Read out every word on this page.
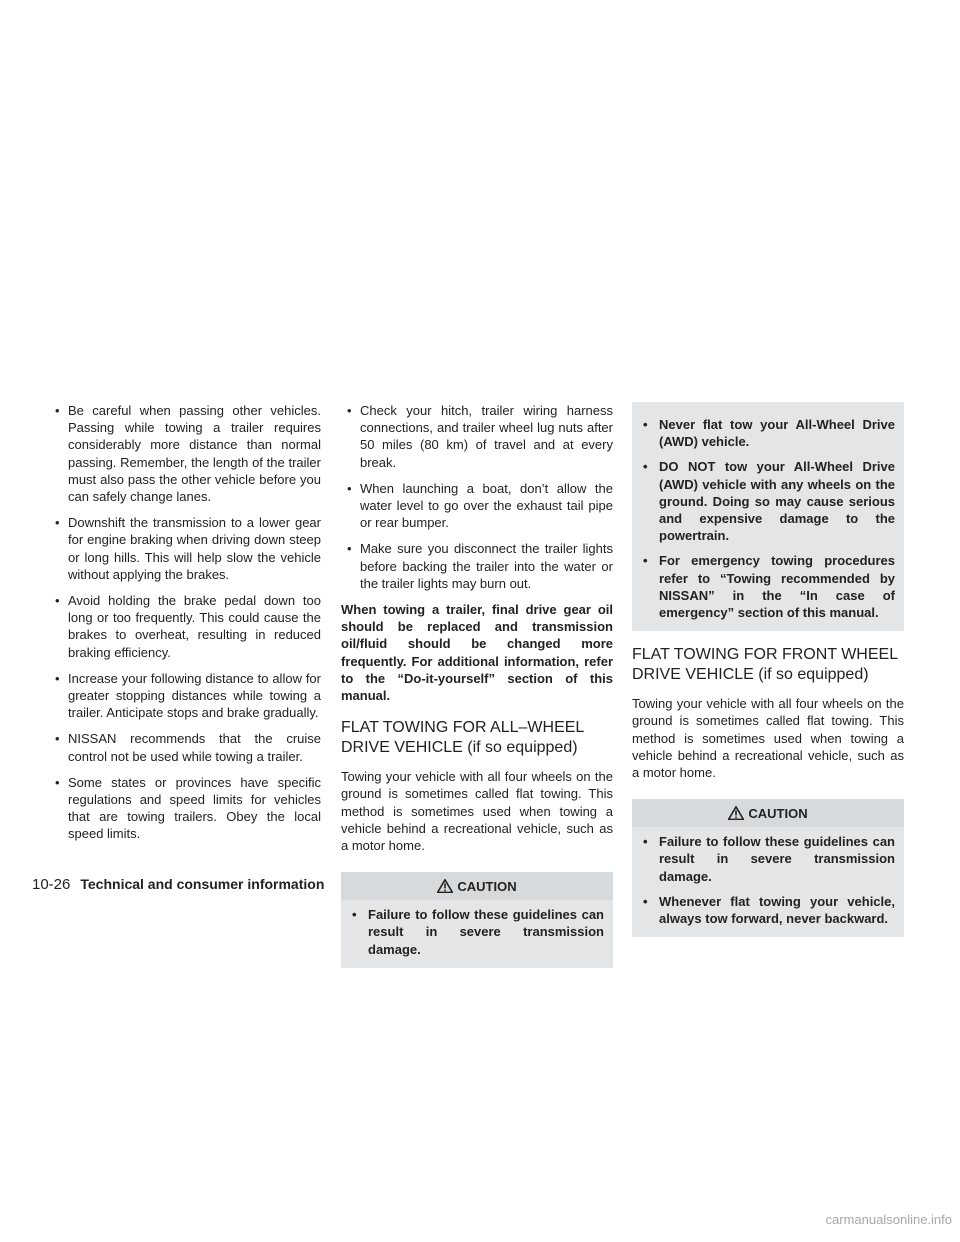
• Be careful when passing other vehicles. Passing while towing a trailer requires considerably more distance than normal passing. Remember, the length of the trailer must also pass the other vehicle before you can safely change lanes.
• Downshift the transmission to a lower gear for engine braking when driving down steep or long hills. This will help slow the vehicle without applying the brakes.
• Avoid holding the brake pedal down too long or too frequently. This could cause the brakes to overheat, resulting in reduced braking efficiency.
• Increase your following distance to allow for greater stopping distances while towing a trailer. Anticipate stops and brake gradually.
• NISSAN recommends that the cruise control not be used while towing a trailer.
• Some states or provinces have specific regulations and speed limits for vehicles that are towing trailers. Obey the local speed limits.
• Check your hitch, trailer wiring harness connections, and trailer wheel lug nuts after 50 miles (80 km) of travel and at every break.
• When launching a boat, don’t allow the water level to go over the exhaust tail pipe or rear bumper.
• Make sure you disconnect the trailer lights before backing the trailer into the water or the trailer lights may burn out.

When towing a trailer, final drive gear oil should be replaced and transmission oil/fluid should be changed more frequently. For additional information, refer to the “Do-it-yourself” section of this manual.

FLAT TOWING FOR ALL–WHEEL DRIVE VEHICLE (if so equipped)

Towing your vehicle with all four wheels on the ground is sometimes called flat towing. This method is sometimes used when towing a vehicle behind a recreational vehicle, such as a motor home.

CAUTION
• Failure to follow these guidelines can result in severe transmission damage.
• Never flat tow your All-Wheel Drive (AWD) vehicle.
• DO NOT tow your All-Wheel Drive (AWD) vehicle with any wheels on the ground. Doing so may cause serious and expensive damage to the powertrain.
• For emergency towing procedures refer to “Towing recommended by NISSAN” in the “In case of emergency” section of this manual.
FLAT TOWING FOR FRONT WHEEL DRIVE VEHICLE (if so equipped)

Towing your vehicle with all four wheels on the ground is sometimes called flat towing. This method is sometimes used when towing a vehicle behind a recreational vehicle, such as a motor home.

CAUTION
• Failure to follow these guidelines can result in severe transmission damage.
• Whenever flat towing your vehicle, always tow forward, never backward.
10-26 Technical and consumer information
carmanualsonline.info
